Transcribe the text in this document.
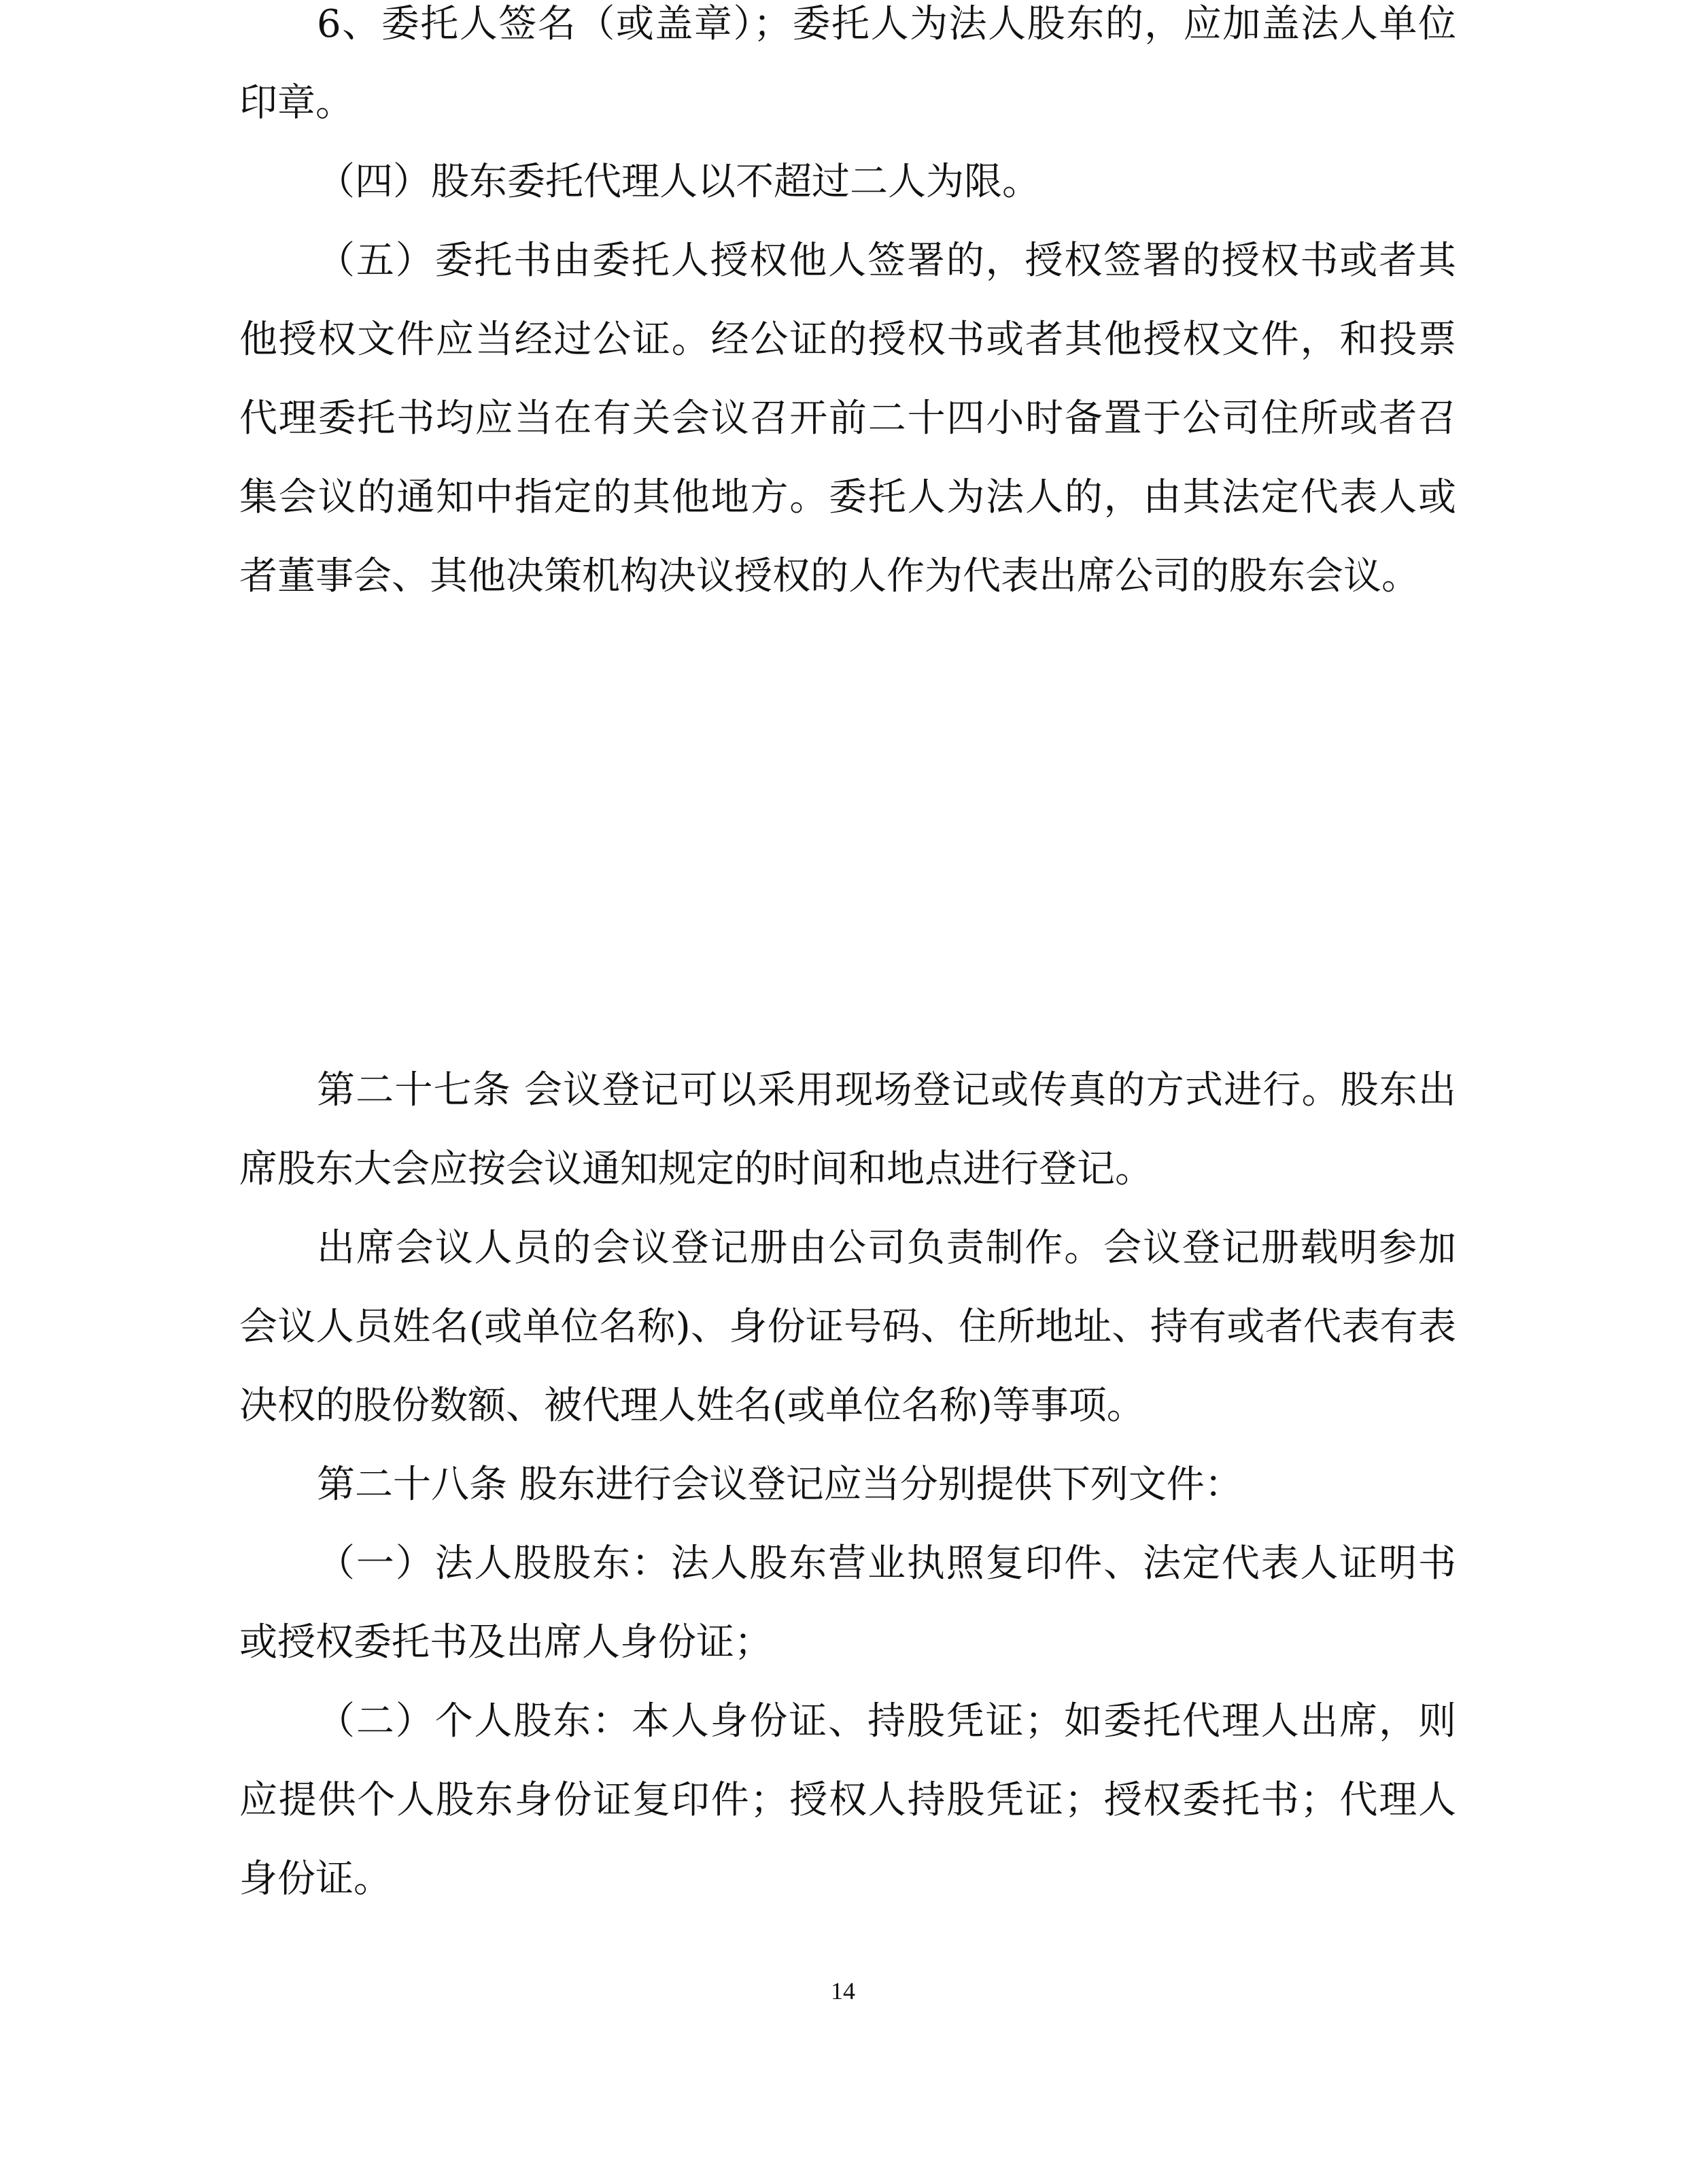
6、委托人签名（或盖章）；委托人为法人股东的，应加盖法人单位印章。

（四）股东委托代理人以不超过二人为限。

（五）委托书由委托人授权他人签署的，授权签署的授权书或者其他授权文件应当经过公证。经公证的授权书或者其他授权文件，和投票代理委托书均应当在有关会议召开前二十四小时备置于公司住所或者召集会议的通知中指定的其他地方。委托人为法人的，由其法定代表人或者董事会、其他决策机构决议授权的人作为代表出席公司的股东会议。

第二十七条 会议登记可以采用现场登记或传真的方式进行。股东出席股东大会应按会议通知规定的时间和地点进行登记。

出席会议人员的会议登记册由公司负责制作。会议登记册载明参加会议人员姓名(或单位名称)、身份证号码、住所地址、持有或者代表有表决权的股份数额、被代理人姓名(或单位名称)等事项。

第二十八条 股东进行会议登记应当分别提供下列文件：

（一）法人股股东：法人股东营业执照复印件、法定代表人证明书或授权委托书及出席人身份证；

（二）个人股东：本人身份证、持股凭证；如委托代理人出席，则应提供个人股东身份证复印件；授权人持股凭证；授权委托书；代理人身份证。

14
